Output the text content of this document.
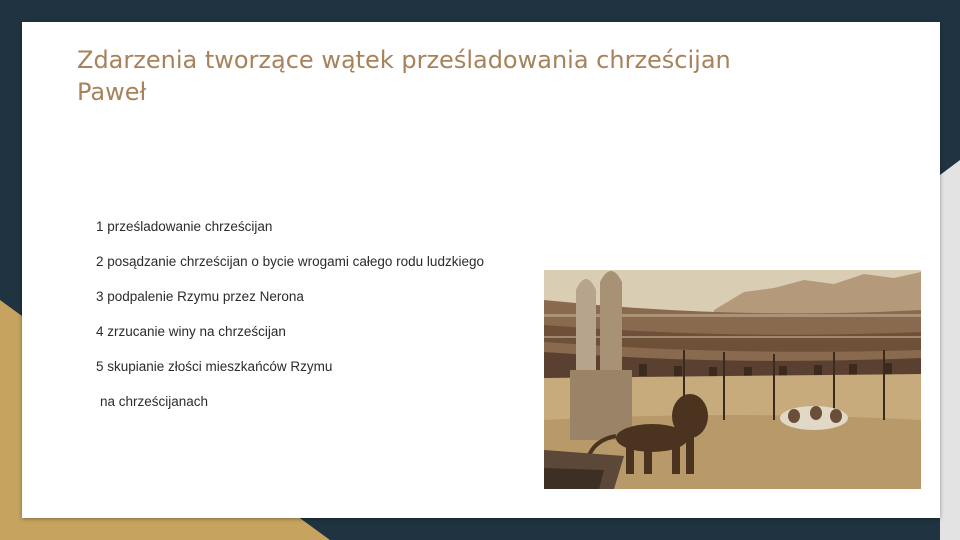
Zdarzenia tworzące wątek prześladowania chrześcijan
Paweł
1 prześladowanie chrześcijan
2 posądzanie chrześcijan o bycie wrogami całego rodu ludzkiego
3 podpalenie Rzymu przez Nerona
4 zrzucanie winy na chrześcijan
5 skupianie złości mieszkańców Rzymu
na chrześcijanach
